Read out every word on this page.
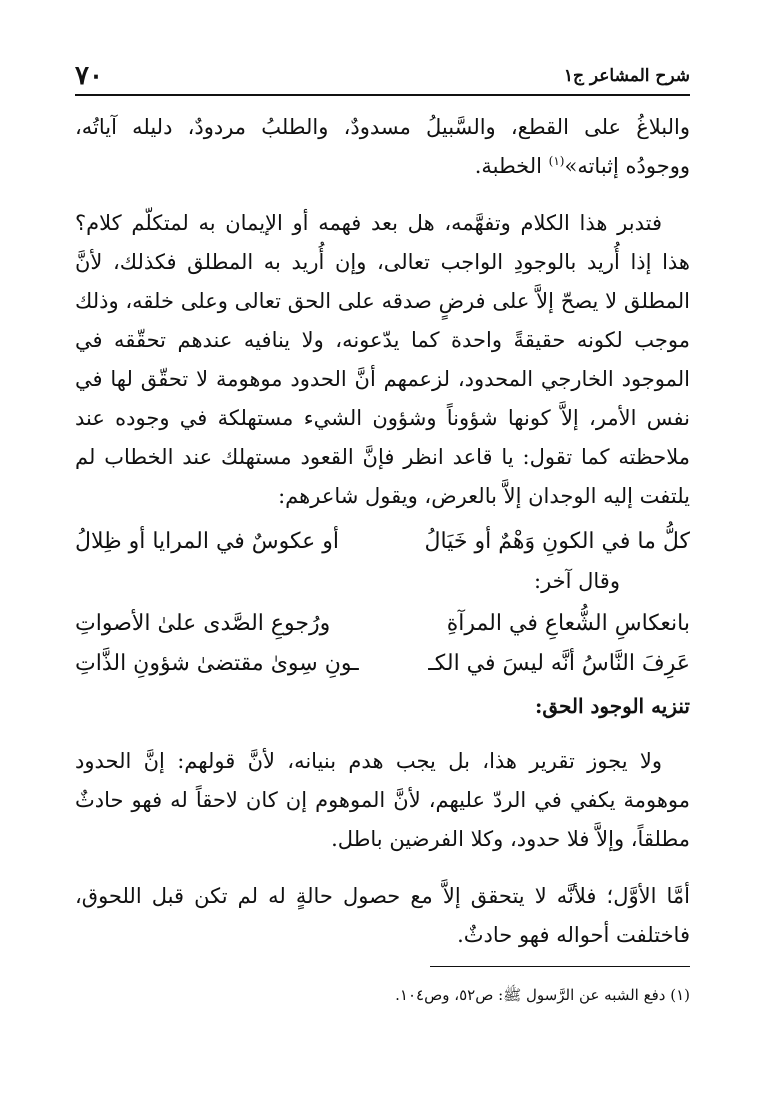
شرح المشاعر ج١
٧٠

والبلاغُ على القطع، والسَّبيلُ مسدودٌ، والطلبُ مردودٌ، دليله آياتُه، ووجودُه إثباته»$^{(١)}$ الخطبة.

فتدبر هذا الكلام وتفهَّمه، هل بعد فهمه أو الإيمان به لمتكلّم كلام؟ هذا إذا أُريد بالوجودِ الواجب تعالى، وإن أُريد به المطلق فكذلك، لأنَّ المطلق لا يصحّ إلاَّ على فرضٍ صدقه على الحق تعالى وعلى خلقه، وذلك موجب لكونه حقيقةً واحدة كما يدّعونه، ولا ينافيه عندهم تحقّقه في الموجود الخارجي المحدود، لزعمهم أنَّ الحدود موهومة لا تحقّق لها في نفس الأمر، إلاَّ كونها شؤوناً وشؤون الشيء مستهلكة في وجوده عند ملاحظته كما تقول: يا قاعد انظر فإنَّ القعود مستهلك عند الخطاب لم يلتفت إليه الوجدان إلاَّ بالعرض، ويقول شاعرهم:

كلُّ ما في الكونِ وَهْمٌ أو خَيَالُ
أو عكوسٌ في المرايا أو ظِلالُ
وقال آخر:
بانعكاسِ الشُّعاعِ في المرآةِ
ورُجوعِ الصَّدى علىٰ الأصواتِ
عَرِفَ النَّاسُ أنَّه ليسَ في الكـ
ـونِ سِوىٰ مقتضىٰ شؤونِ الذَّاتِ
تنزيه الوجود الحق:

ولا يجوز تقرير هذا، بل يجب هدم بنيانه، لأنَّ قولهم: إنَّ الحدود موهومة يكفي في الردّ عليهم، لأنَّ الموهوم إن كان لاحقاً له فهو حادثٌ مطلقاً، وإلاَّ فلا حدود، وكلا الفرضين باطل.

أمَّا الأوَّل؛ فلأنَّه لا يتحقق إلاَّ مع حصول حالةٍ له لم تكن قبل اللحوق، فاختلفت أحواله فهو حادثٌ.

(١) دفع الشبه عن الرَّسول ﷺ: ص٥٢، وص١٠٤.
